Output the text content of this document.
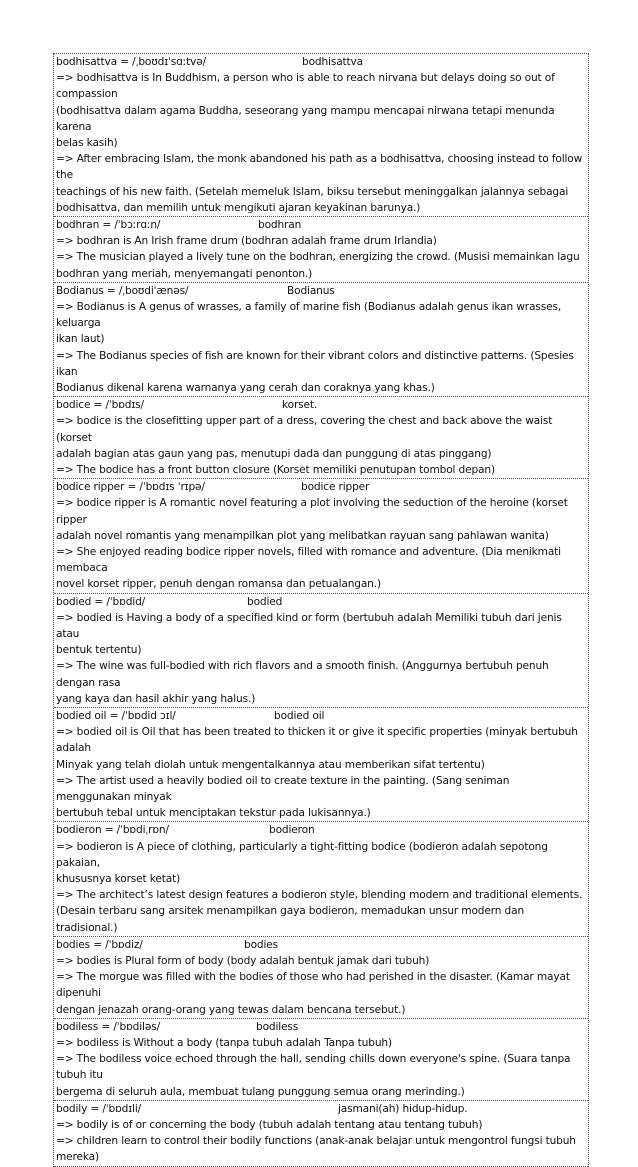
bodhisattva = /ˌboʊdɪˈsɑːtvə/	bodhisattva
=> bodhisattva is In Buddhism, a person who is able to reach nirvana but delays doing so out of compassion
(bodhisattva dalam agama Buddha, seseorang yang mampu mencapai nirwana tetapi menunda karena
belas kasih)
=> After embracing Islam, the monk abandoned his path as a bodhisattva, choosing instead to follow the
teachings of his new faith. (Setelah memeluk Islam, biksu tersebut meninggalkan jalannya sebagai
bodhisattva, dan memilih untuk mengikuti ajaran keyakinan barunya.)
bodhran = /ˈbɔːrɑːn/	bodhran
=> bodhran is An Irish frame drum (bodhran adalah frame drum Irlandia)
=> The musician played a lively tune on the bodhran, energizing the crowd. (Musisi memainkan lagu
bodhran yang meriah, menyemangati penonton.)
Bodianus = /ˌboʊdiˈænəs/	Bodianus
=> Bodianus is A genus of wrasses, a family of marine fish (Bodianus adalah genus ikan wrasses, keluarga
ikan laut)
=> The Bodianus species of fish are known for their vibrant colors and distinctive patterns. (Spesies ikan
Bodianus dikenal karena warnanya yang cerah dan coraknya yang khas.)
bodice = /ˈbɒdɪs/	korset.
=> bodice is the closefitting upper part of a dress, covering the chest and back above the waist (korset
adalah bagian atas gaun yang pas, menutupi dada dan punggung di atas pinggang)
=> The bodice has a front button closure (Korset memiliki penutupan tombol depan)
bodice ripper = /ˈbɒdɪs ˈrɪpə/	bodice ripper
=> bodice ripper is A romantic novel featuring a plot involving the seduction of the heroine (korset ripper
adalah novel romantis yang menampilkan plot yang melibatkan rayuan sang pahlawan wanita)
=> She enjoyed reading bodice ripper novels, filled with romance and adventure. (Dia menikmati membaca
novel korset ripper, penuh dengan romansa dan petualangan.)
bodied = /ˈbɒdid/	bodied
=> bodied is Having a body of a specified kind or form (bertubuh adalah Memiliki tubuh dari jenis atau
bentuk tertentu)
=> The wine was full-bodied with rich flavors and a smooth finish. (Anggurnya bertubuh penuh dengan rasa
yang kaya dan hasil akhir yang halus.)
bodied oil = /ˈbɒdid ɔɪl/	bodied oil
=> bodied oil is Oil that has been treated to thicken it or give it specific properties (minyak bertubuh adalah
Minyak yang telah diolah untuk mengentalkannya atau memberikan sifat tertentu)
=> The artist used a heavily bodied oil to create texture in the painting. (Sang seniman menggunakan minyak
bertubuh tebal untuk menciptakan tekstur pada lukisannya.)
bodieron = /ˈbɒdiˌrɒn/	bodieron
=> bodieron is A piece of clothing, particularly a tight-fitting bodice (bodieron adalah sepotong pakaian,
khususnya korset ketat)
=> The architect’s latest design features a bodieron style, blending modern and traditional elements.
(Desain terbaru sang arsitek menampilkan gaya bodieron, memadukan unsur modern dan tradisional.)
bodies = /ˈbɒdiz/	bodies
=> bodies is Plural form of body (body adalah bentuk jamak dari tubuh)
=> The morgue was filled with the bodies of those who had perished in the disaster. (Kamar mayat dipenuhi
dengan jenazah orang-orang yang tewas dalam bencana tersebut.)
bodiless = /ˈbɒdiləs/	bodiless
=> bodiless is Without a body (tanpa tubuh adalah Tanpa tubuh)
=> The bodiless voice echoed through the hall, sending chills down everyone's spine. (Suara tanpa tubuh itu
bergema di seluruh aula, membuat tulang punggung semua orang merinding.)
bodily = /ˈbɒdɪli/	jasmani(ah) hidup-hidup.
=> bodily is of or concerning the body (tubuh adalah tentang atau tentang tubuh)
=> children learn to control their bodily functions (anak-anak belajar untuk mengontrol fungsi tubuh mereka)
